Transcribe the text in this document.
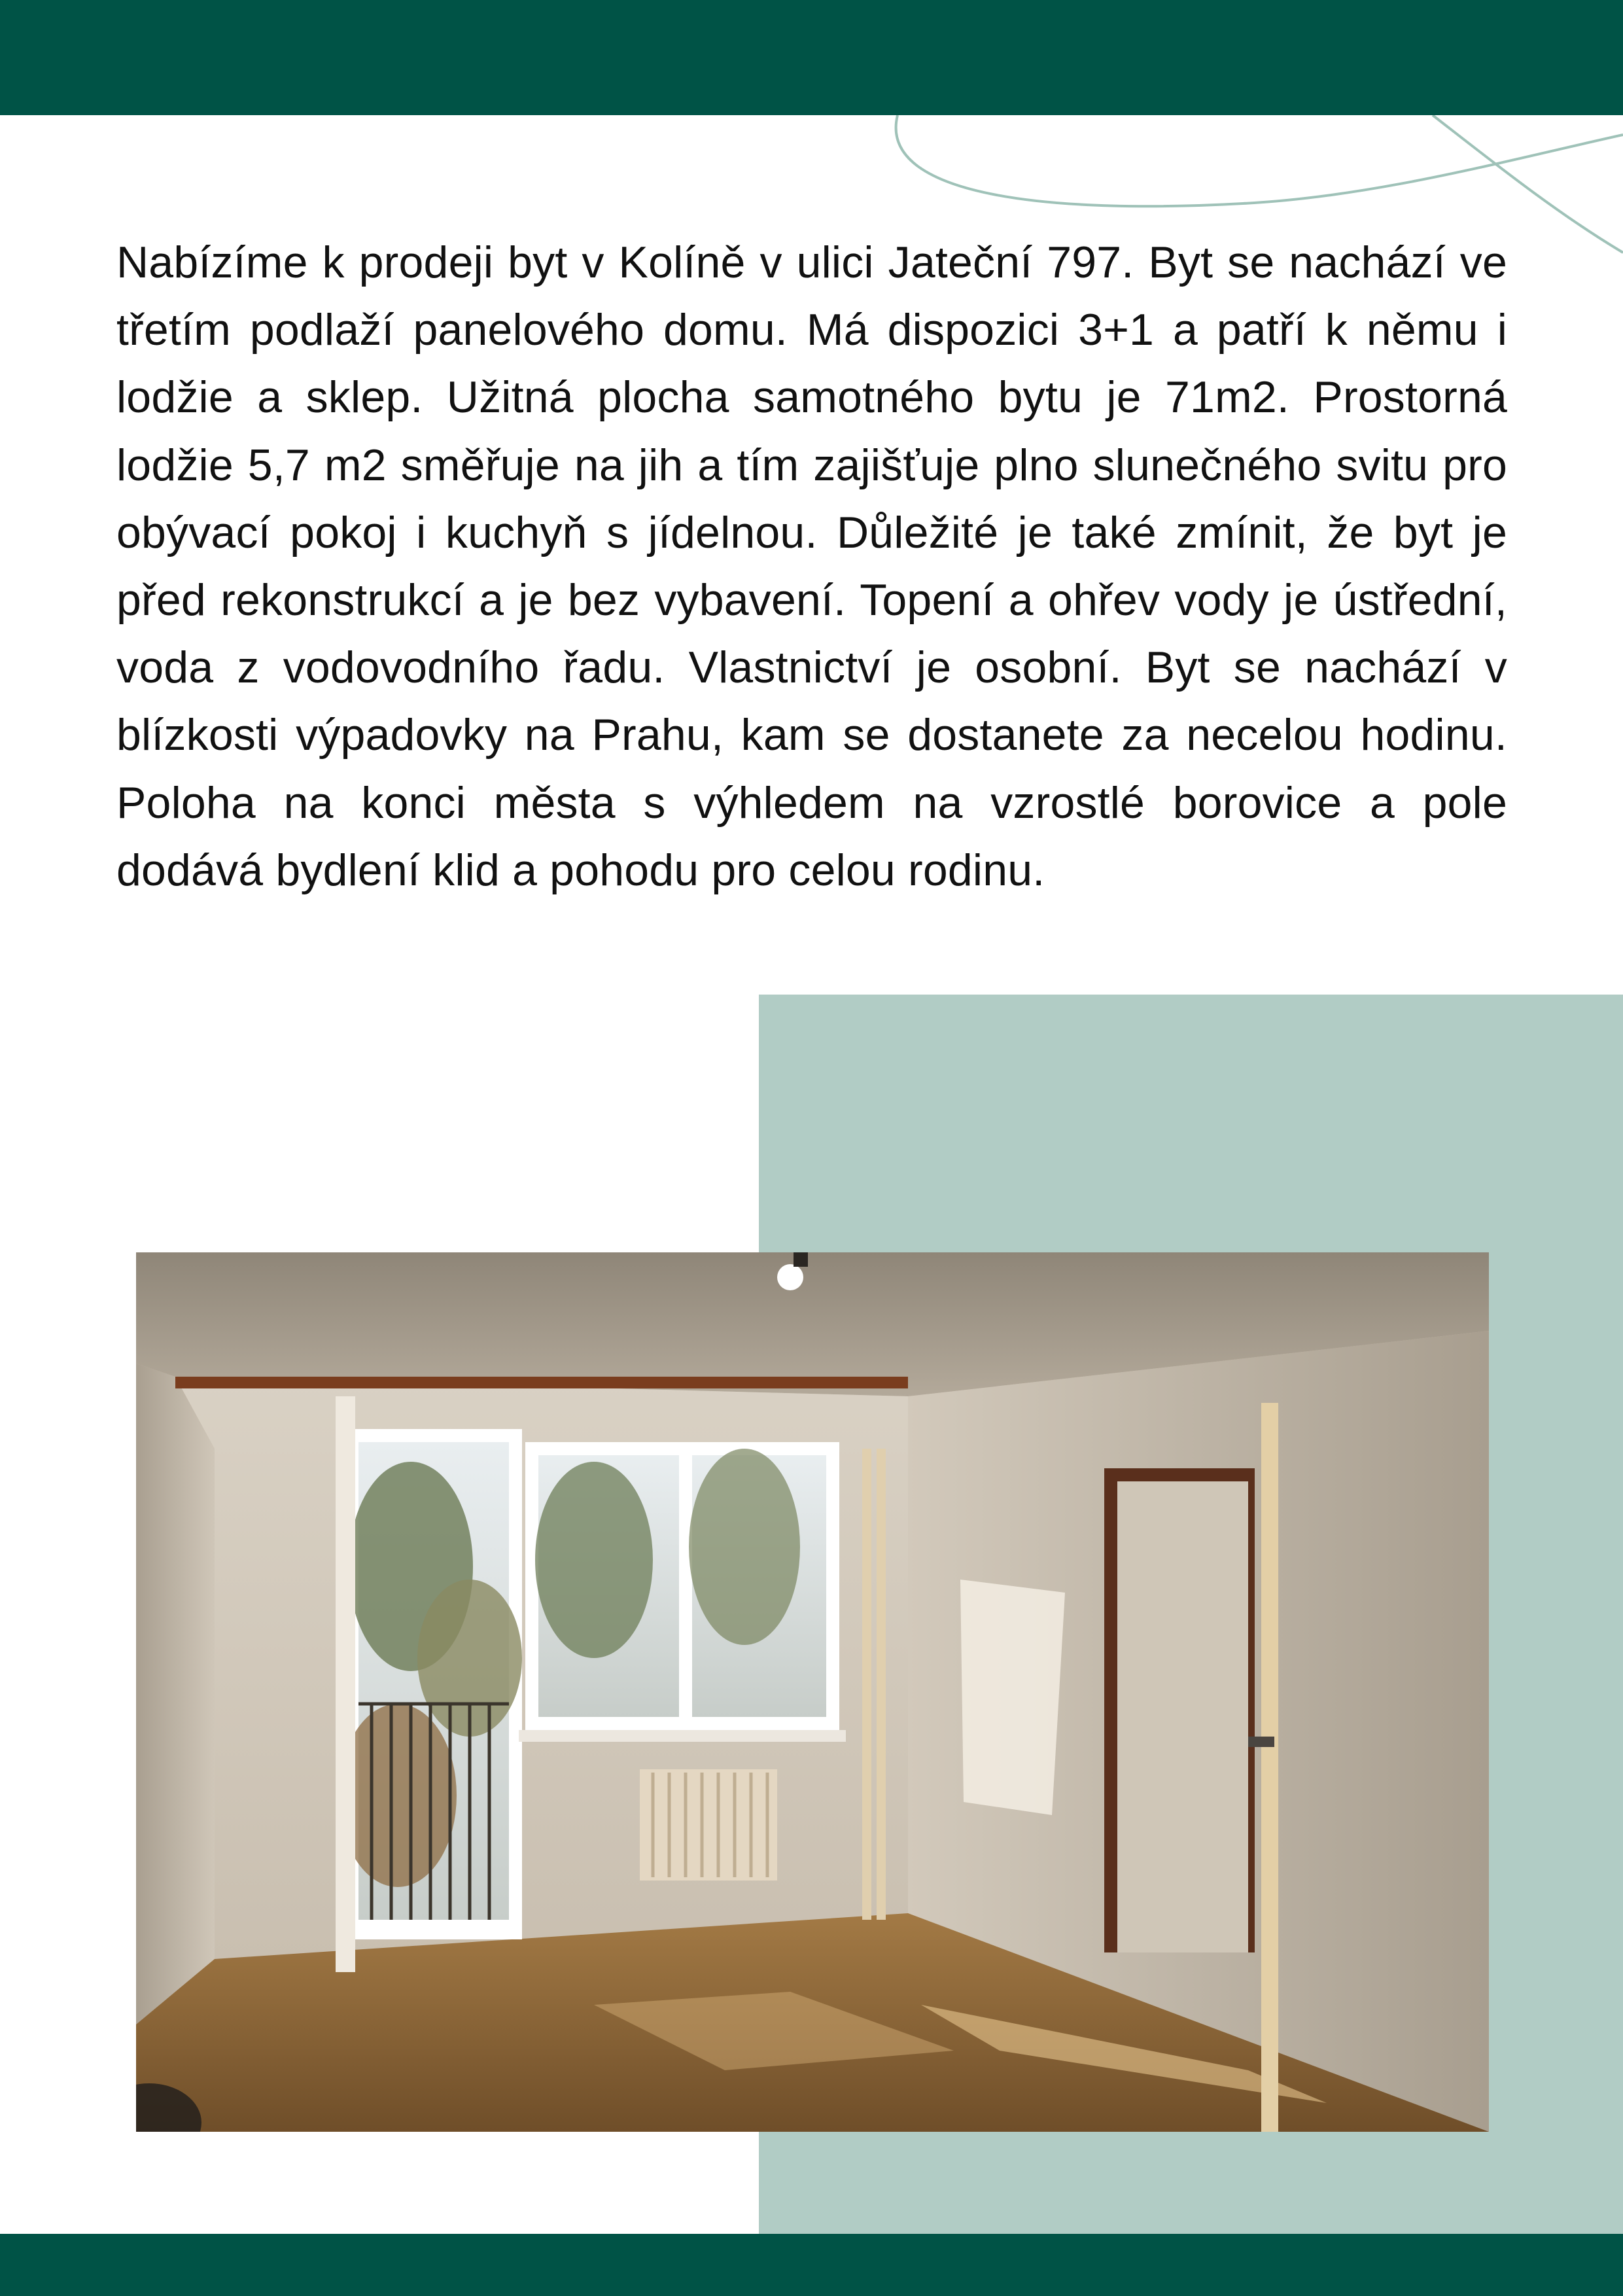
Nabízíme k prodeji byt v Kolíně v ulici Jateční 797. Byt se nachází ve třetím podlaží panelového domu. Má dispozici 3+1 a patří k němu i lodžie a sklep. Užitná plocha samotného bytu je 71m2. Prostorná lodžie 5,7 m2 směřuje na jih a tím zajišťuje plno slunečného svitu pro obývací pokoj i kuchyň s jídelnou. Důležité je také zmínit, že byt je před rekonstrukcí a je bez vybavení. Topení a ohřev vody je ústřední, voda z vodovodního řadu. Vlastnictví je osobní. Byt se nachází v blízkosti výpadovky na Prahu, kam se dostanete za necelou hodinu. Poloha na konci města s výhledem na vzrostlé borovice a pole dodává bydlení klid a pohodu pro celou rodinu.
